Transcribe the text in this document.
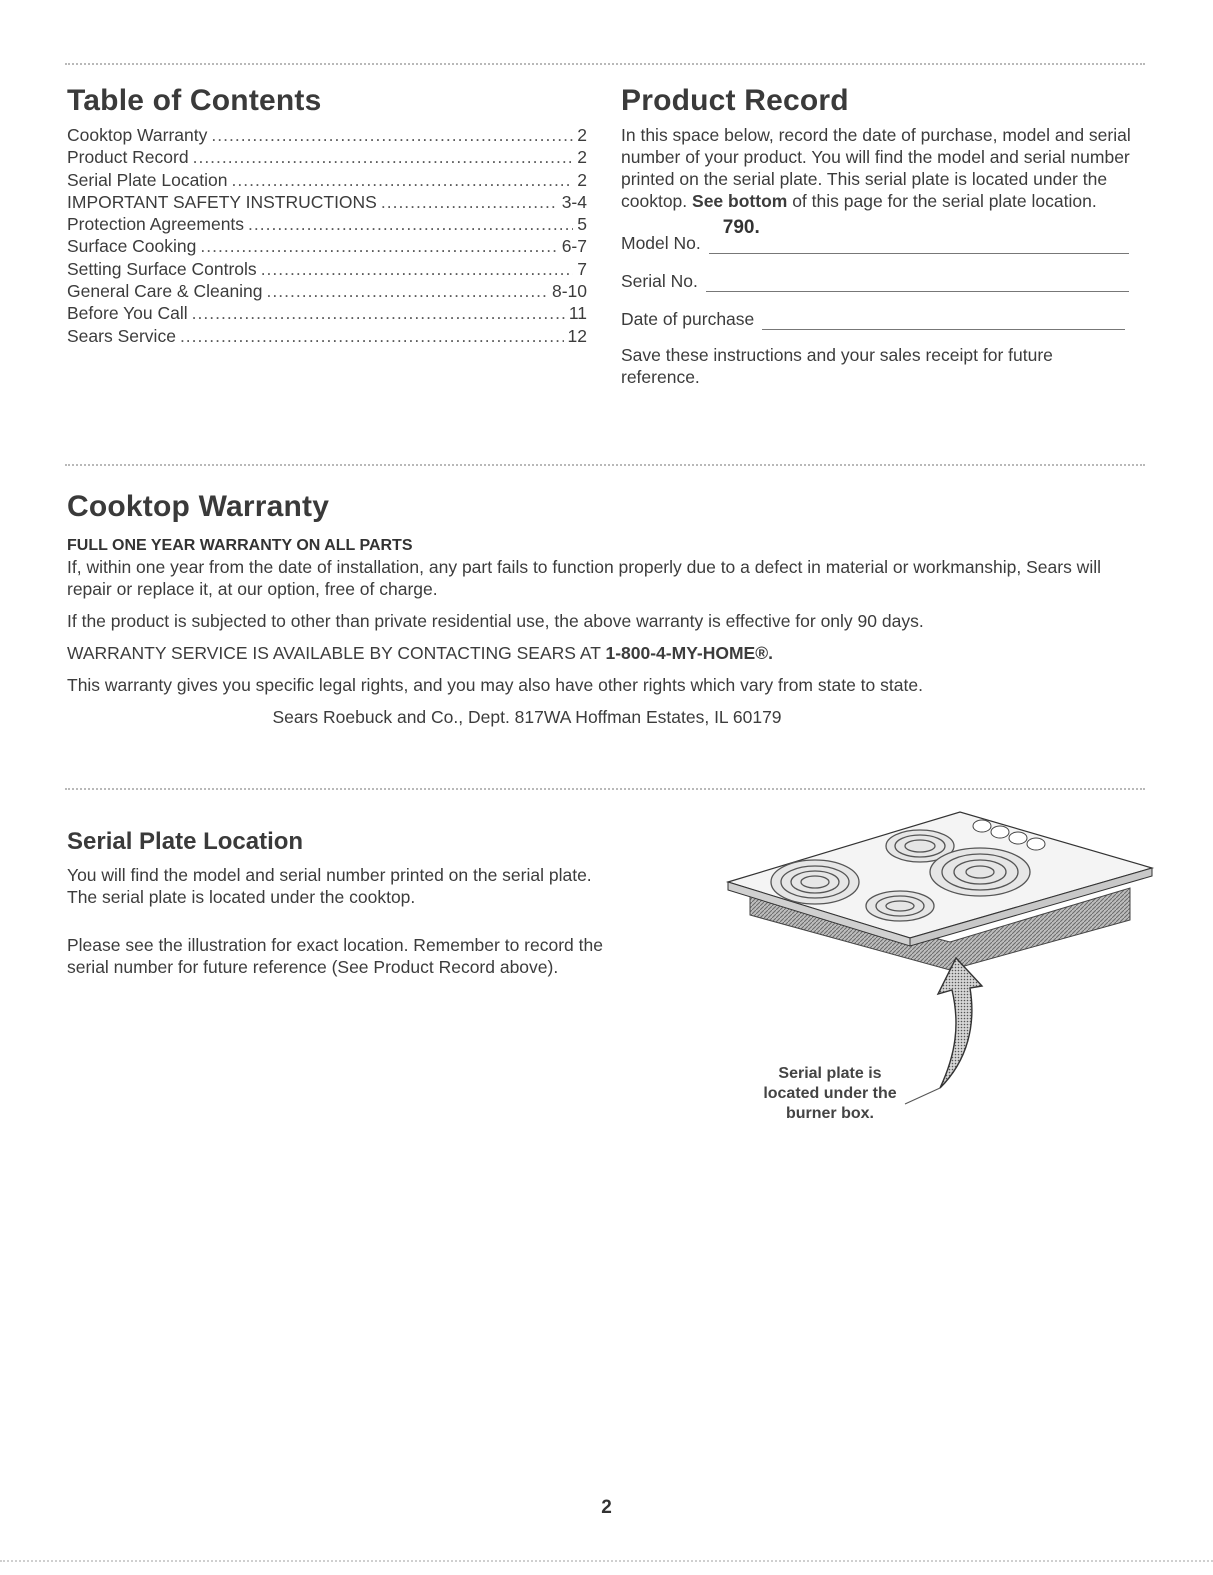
Table of Contents
Cooktop Warranty .....	2
Product Record .....	2
Serial Plate Location .....	2
IMPORTANT SAFETY INSTRUCTIONS .....	3-4
Protection Agreements .....	5
Surface Cooking .....	6-7
Setting Surface Controls .....	7
General Care & Cleaning .....	8-10
Before You Call .....	11
Sears Service .....	12
Product Record
In this space below, record the date of purchase, model and serial number of your product. You will find the model and serial number printed on the serial plate. This serial plate is located under the cooktop. See bottom of this page for the serial plate location.
Model No.
790.
Serial No.
Date of purchase
Save these instructions and your sales receipt for future reference.
Cooktop Warranty
FULL ONE YEAR WARRANTY ON ALL PARTS

If, within one year from the date of installation, any part fails to function properly due to a defect in material or workmanship, Sears will repair or replace it, at our option, free of charge.

If the product is subjected to other than private residential use, the above warranty is effective for only 90 days.

WARRANTY SERVICE IS AVAILABLE BY CONTACTING SEARS AT 1-800-4-MY-HOME®.

This warranty gives you specific legal rights, and you may also have other rights which vary from state to state.

Sears Roebuck and Co., Dept. 817WA Hoffman Estates, IL 60179
Serial Plate Location
You will find the model and serial number printed on the serial plate. The serial plate is located under the cooktop.
Please see the illustration for exact location. Remember to record the serial number for future reference (See Product Record above).
Serial plate is
located under the
burner box.
2
